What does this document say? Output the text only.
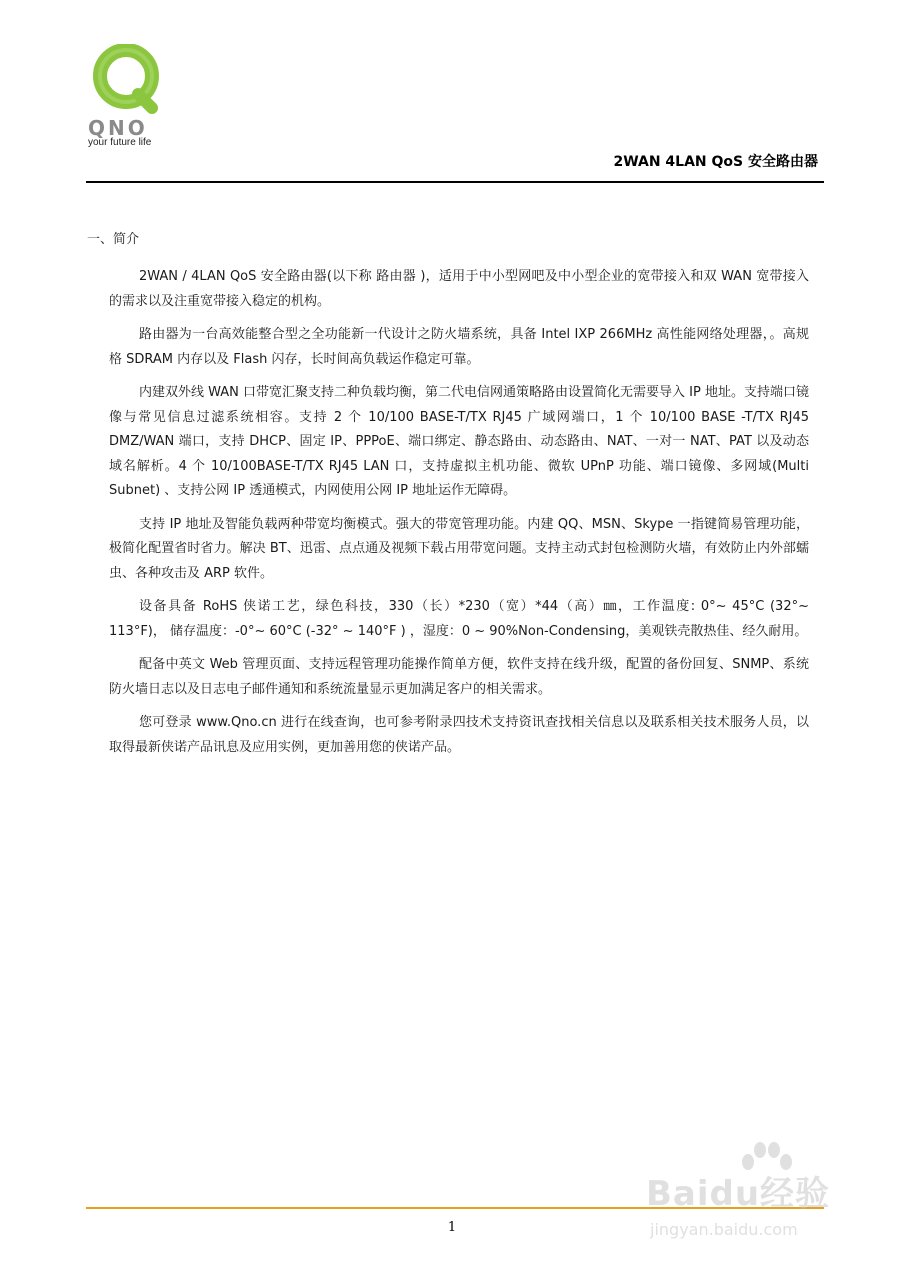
QNO
your future life
2WAN 4LAN QoS 安全路由器
一、简介

2WAN / 4LAN QoS 安全路由器(以下称 路由器 )，适用于中小型网吧及中小型企业的宽带接入和双 WAN 宽带接入的需求以及注重宽带接入稳定的机构。

路由器为一台高效能整合型之全功能新一代设计之防火墙系统，具备 Intel IXP 266MHz 高性能网络处理器，。高规格 SDRAM 内存以及 Flash 闪存，长时间高负载运作稳定可靠。

内建双外线 WAN 口带宽汇聚支持二种负载均衡，第二代电信网通策略路由设置简化无需要导入 IP 地址。支持端口镜像与常见信息过滤系统相容。支持 2 个 10/100 BASE-T/TX RJ45 广域网端口，1 个 10/100 BASE -T/TX RJ45 DMZ/WAN 端口，支持 DHCP、固定 IP、PPPoE、端口绑定、静态路由、动态路由、NAT、一对一 NAT、PAT 以及动态域名解析。4 个 10/100BASE-T/TX RJ45 LAN 口，支持虚拟主机功能、微软 UPnP 功能、端口镜像、多网域(Multi Subnet) 、支持公网 IP 透通模式，内网使用公网 IP 地址运作无障碍。

支持 IP 地址及智能负载两种带宽均衡模式。强大的带宽管理功能。内建 QQ、MSN、Skype 一指键简易管理功能，极简化配置省时省力。解决 BT、迅雷、点点通及视频下载占用带宽问题。支持主动式封包检测防火墙，有效防止内外部蠕虫、各种攻击及 ARP 软件。

设备具备 RoHS 侠诺工艺，绿色科技，330（长）*230（宽）*44（高）㎜，工作温度: 0°~ 45°C (32°~ 113°F)， 储存温度：-0°~ 60°C (-32° ~ 140°F ) ，湿度：0 ~ 90%Non-Condensing，美观铁壳散热佳、经久耐用。

配备中英文 Web 管理页面、支持远程管理功能操作简单方便，软件支持在线升级，配置的备份回复、SNMP、系统防火墙日志以及日志电子邮件通知和系统流量显示更加满足客户的相关需求。

您可登录 www.Qno.cn 进行在线查询，也可参考附录四技术支持资讯查找相关信息以及联系相关技术服务人员，以取得最新侠诺产品讯息及应用实例，更加善用您的侠诺产品。

1
Baidu经验
jingyan.baidu.com
